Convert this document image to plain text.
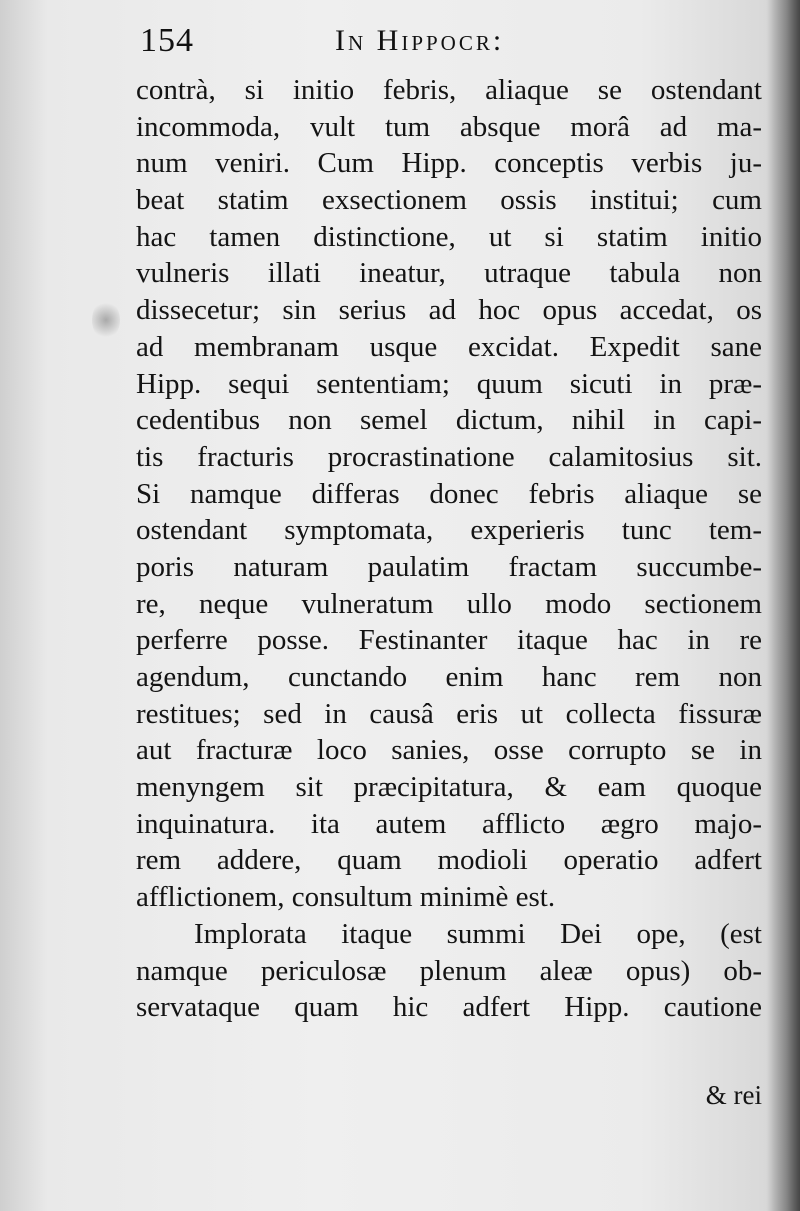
154	In Hippocr:
contrà, si initio febris, aliaque se ostendant
incommoda, vult tum absque morâ ad ma-
num veniri. Cum Hipp. conceptis verbis ju-
beat statim exsectionem ossis institui; cum
hac tamen distinctione, ut si statim initio
vulneris illati ineatur, utraque tabula non
dissecetur; sin serius ad hoc opus accedat, os
ad membranam usque excidat. Expedit sane
Hipp. sequi sententiam; quum sicuti in præ-
cedentibus non semel dictum, nihil in capi-
tis fracturis procrastinatione calamitosius sit.
Si namque differas donec febris aliaque se
ostendant symptomata, experieris tunc tem-
poris naturam paulatim fractam succumbe-
re, neque vulneratum ullo modo sectionem
perferre posse. Festinanter itaque hac in re
agendum, cunctando enim hanc rem non
restitues; sed in causâ eris ut collecta fissuræ
aut fracturæ loco sanies, osse corrupto se in
menyngem sit præcipitatura, & eam quoque
inquinatura. ita autem afflicto ægro majo-
rem addere, quam modioli operatio adfert
afflictionem, consultum minimè est.
Implorata itaque summi Dei ope, (est
namque periculosæ plenum aleæ opus) ob-
servataque quam hic adfert Hipp. cautione
& rei
